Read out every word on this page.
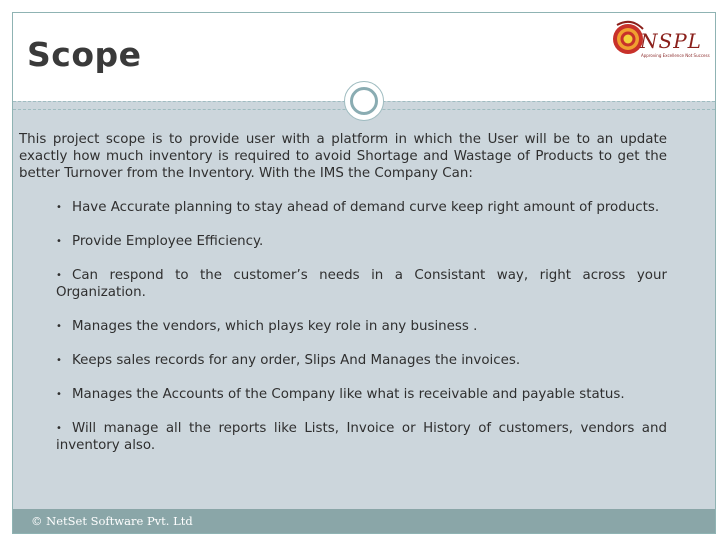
Scope	NSPL
Approving Excellence Not Success
This project scope is to provide user with a platform in which the User will be to an update exactly how much inventory is required to avoid Shortage and Wastage of Products to get the better Turnover from the Inventory. With the IMS the Company Can:
• Have Accurate planning to stay ahead of demand curve keep right amount of products.
• Provide Employee Efficiency.
• Can respond to the customer’s needs in a Consistant way, right across your Organization.
• Manages the vendors, which plays key role in any business .
• Keeps sales records for any order, Slips And Manages the invoices.
• Manages the Accounts of the Company like what is receivable and payable status.
• Will manage all the reports like Lists, Invoice or History of customers, vendors and inventory also.
© NetSet Software Pvt. Ltd
